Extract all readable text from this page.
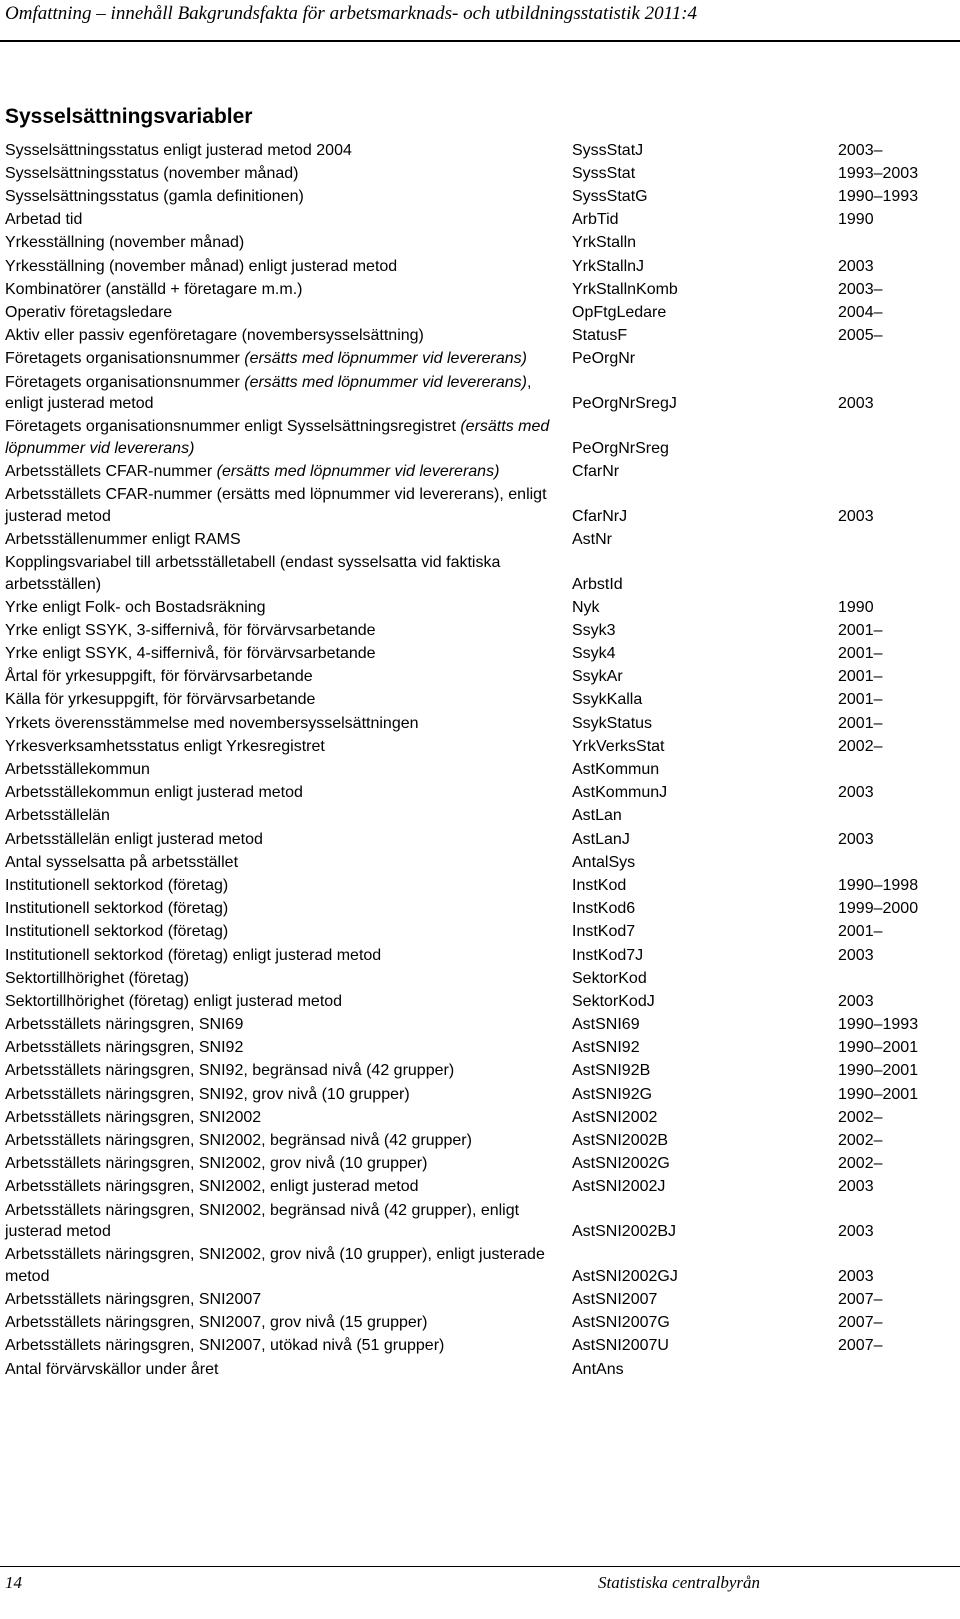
Omfattning – innehåll Bakgrundsfakta för arbetsmarknads- och utbildningsstatistik 2011:4
Sysselsättningsvariabler
Sysselsättningsstatus enligt justerad metod 2004	SyssStatJ	2003–
Sysselsättningsstatus (november månad)	SyssStat	1993–2003
Sysselsättningsstatus (gamla definitionen)	SyssStatG	1990–1993
Arbetad tid	ArbTid	1990
Yrkesställning (november månad)	YrkStalln	
Yrkesställning (november månad) enligt justerad metod	YrkStallnJ	2003
Kombinatörer (anställd + företagare m.m.)	YrkStallnKomb	2003–
Operativ företagsledare	OpFtgLedare	2004–
Aktiv eller passiv egenföretagare (novembersysselsättning)	StatusF	2005–
Företagets organisationsnummer (ersätts med löpnummer vid levererans)	PeOrgNr	
Företagets organisationsnummer (ersätts med löpnummer vid levererans), enligt justerad metod	PeOrgNrSregJ	2003
Företagets organisationsnummer enligt Sysselsättningsregistret (ersätts med löpnummer vid levererans)	PeOrgNrSreg	
Arbetsställets CFAR-nummer (ersätts med löpnummer vid levererans)	CfarNr	
Arbetsställets CFAR-nummer (ersätts med löpnummer vid levererans), enligt justerad metod	CfarNrJ	2003
Arbetsställenummer enligt RAMS	AstNr	
Kopplingsvariabel till arbetsställetabell (endast sysselsatta vid faktiska arbetsställen)	ArbstId	
Yrke enligt Folk- och Bostadsräkning	Nyk	1990
Yrke enligt SSYK, 3-siffernivå, för förvärvsarbetande	Ssyk3	2001–
Yrke enligt SSYK, 4-siffernivå, för förvärvsarbetande	Ssyk4	2001–
Årtal för yrkesuppgift, för förvärvsarbetande	SsykAr	2001–
Källa för yrkesuppgift, för förvärvsarbetande	SsykKalla	2001–
Yrkets överensstämmelse med novembersysselsättningen	SsykStatus	2001–
Yrkesverksamhetsstatus enligt Yrkesregistret	YrkVerksStat	2002–
Arbetsställekommun	AstKommun	
Arbetsställekommun enligt justerad metod	AstKommunJ	2003
Arbetsställelän	AstLan	
Arbetsställelän enligt justerad metod	AstLanJ	2003
Antal sysselsatta på arbetsstället	AntalSys	
Institutionell sektorkod (företag)	InstKod	1990–1998
Institutionell sektorkod (företag)	InstKod6	1999–2000
Institutionell sektorkod (företag)	InstKod7	2001–
Institutionell sektorkod (företag) enligt justerad metod	InstKod7J	2003
Sektortillhörighet (företag)	SektorKod	
Sektortillhörighet (företag) enligt justerad metod	SektorKodJ	2003
Arbetsställets näringsgren, SNI69	AstSNI69	1990–1993
Arbetsställets näringsgren, SNI92	AstSNI92	1990–2001
Arbetsställets näringsgren, SNI92, begränsad nivå (42 grupper)	AstSNI92B	1990–2001
Arbetsställets näringsgren, SNI92, grov nivå (10 grupper)	AstSNI92G	1990–2001
Arbetsställets näringsgren, SNI2002	AstSNI2002	2002–
Arbetsställets näringsgren, SNI2002, begränsad nivå (42 grupper)	AstSNI2002B	2002–
Arbetsställets näringsgren, SNI2002, grov nivå (10 grupper)	AstSNI2002G	2002–
Arbetsställets näringsgren, SNI2002, enligt justerad metod	AstSNI2002J	2003
Arbetsställets näringsgren, SNI2002, begränsad nivå (42 grupper), enligt justerad metod	AstSNI2002BJ	2003
Arbetsställets näringsgren, SNI2002, grov nivå (10 grupper), enligt justerade metod	AstSNI2002GJ	2003
Arbetsställets näringsgren, SNI2007	AstSNI2007	2007–
Arbetsställets näringsgren, SNI2007, grov nivå (15 grupper)	AstSNI2007G	2007–
Arbetsställets näringsgren, SNI2007, utökad nivå (51 grupper)	AstSNI2007U	2007–
Antal förvärvskällor under året	AntAns	
14	Statistiska centralbyrån
